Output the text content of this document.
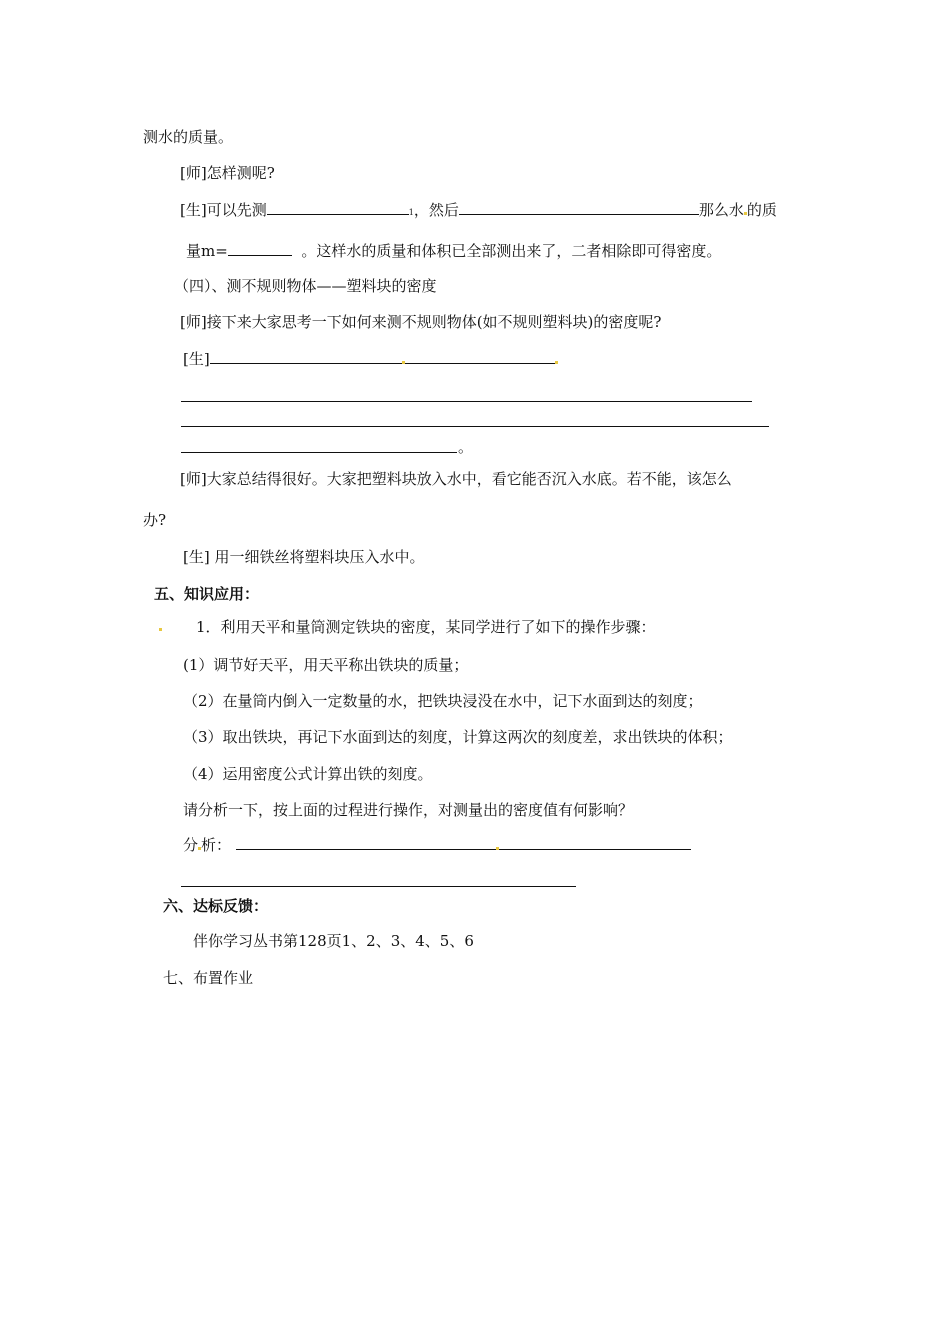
测水的质量。
[师]怎样测呢?
[生]可以先测	1，然后	那么水 的质
量m=	。这样水的质量和体积已全部测出来了，二者相除即可得密度。
（四）、测不规则物体——塑料块的密度
[师]接下来大家思考一下如何来测不规则物体(如不规则塑料块)的密度呢?
[生]
。
[师]大家总结得很好。大家把塑料块放入水中，看它能否沉入水底。若不能，该怎么
办?
[生] 用一细铁丝将塑料块压入水中。
五、知识应用：
1．利用天平和量筒测定铁块的密度，某同学进行了如下的操作步骤：
(1）调节好天平，用天平称出铁块的质量；
（2）在量筒内倒入一定数量的水，把铁块浸没在水中，记下水面到达的刻度；
（3）取出铁块，再记下水面到达的刻度，计算这两次的刻度差，求出铁块的体积；
（4）运用密度公式计算出铁的刻度。
请分析一下，按上面的过程进行操作，对测量出的密度值有何影响？
分 析：
六、达标反馈：
伴你学习丛书第128页1、2、3、4、5、6
七、布置作业
